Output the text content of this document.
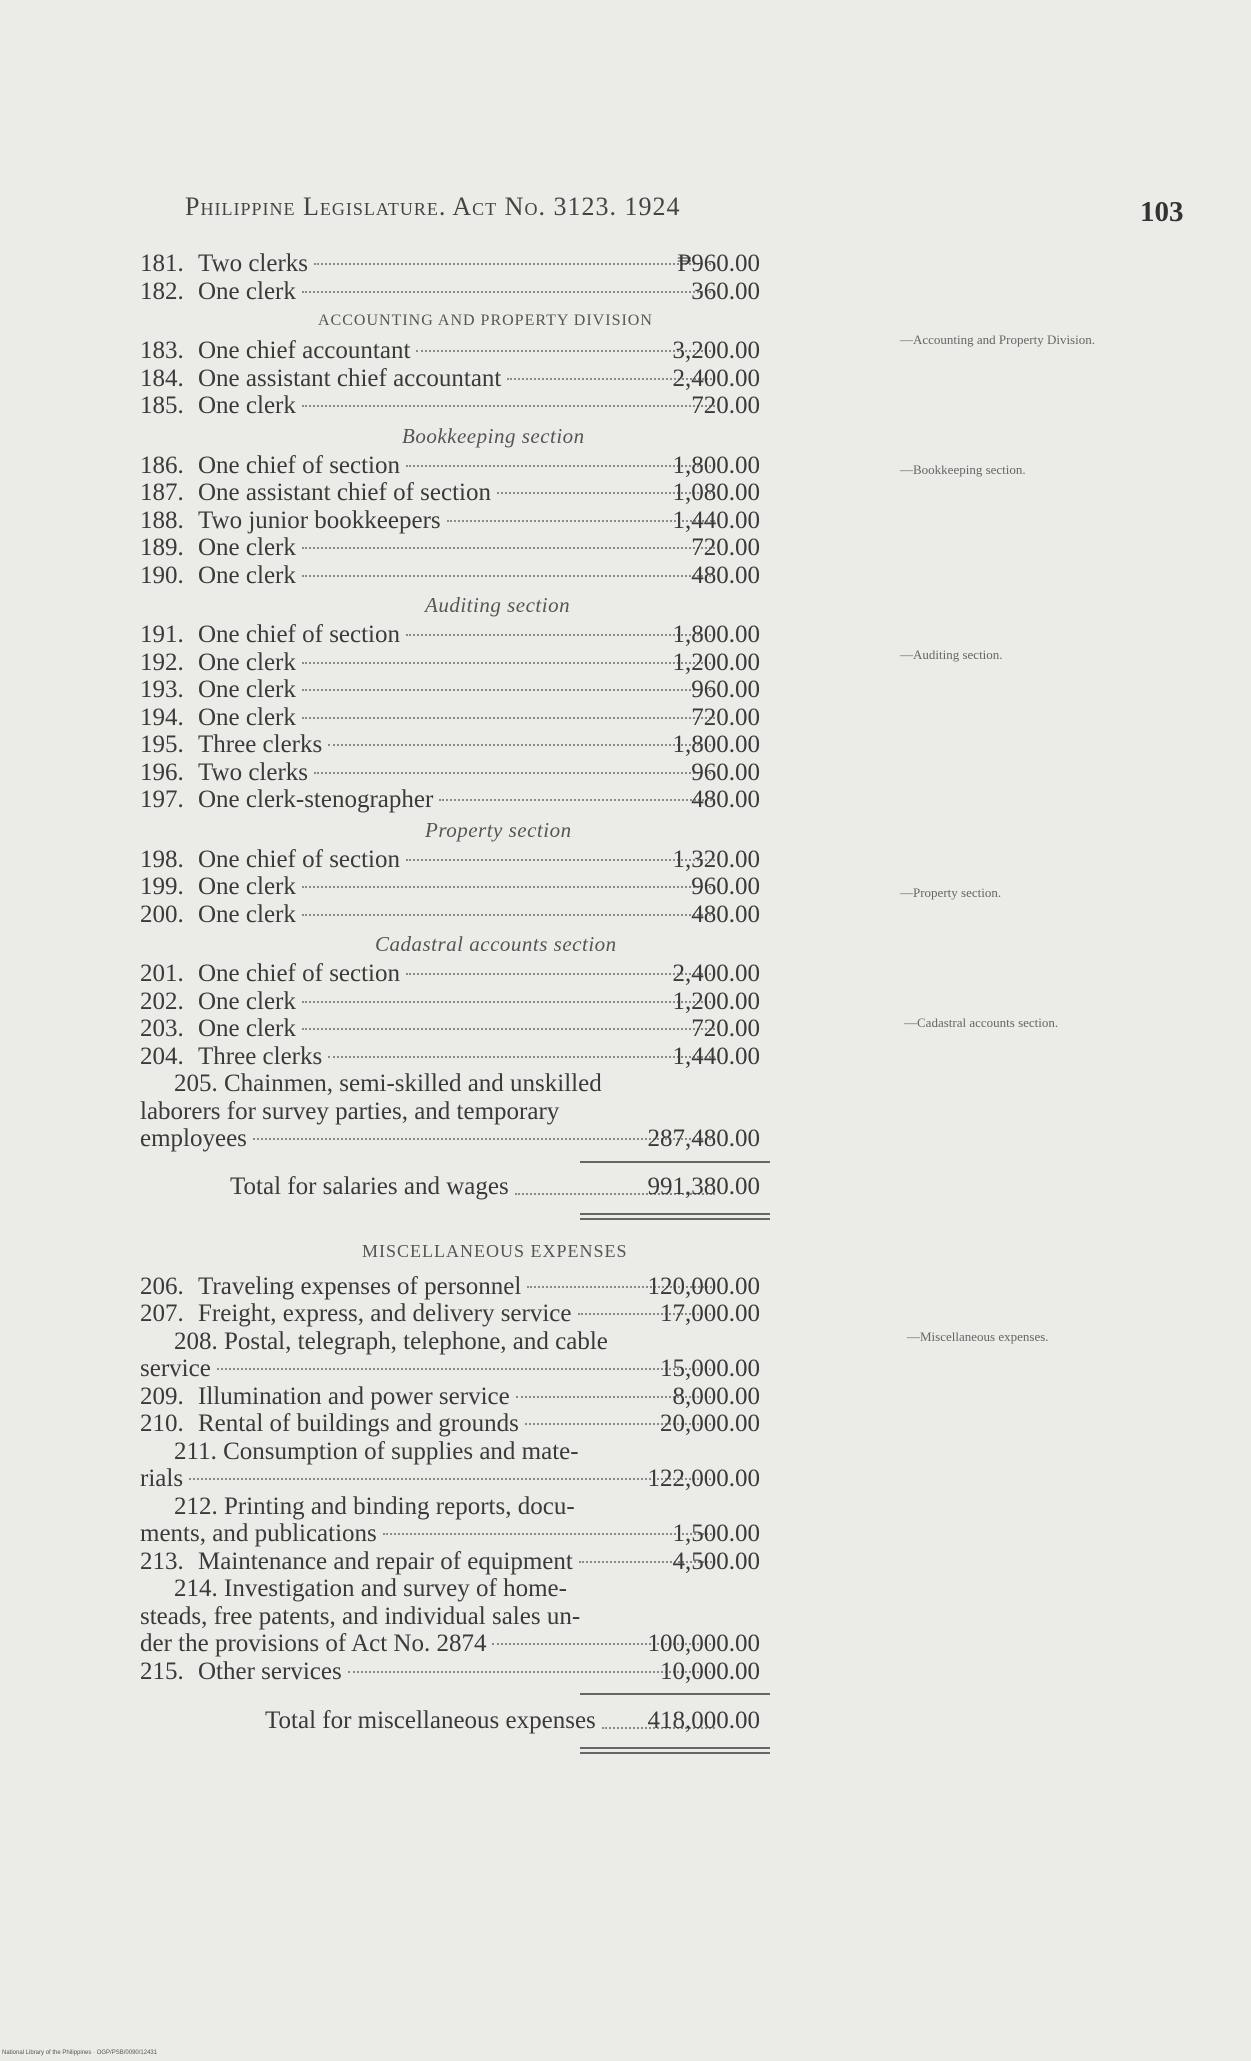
Philippine Legislature. Act No. 3123. 1924	103
181. Two clerks	₱960.00
182. One clerk	360.00
ACCOUNTING AND PROPERTY DIVISION
183. One chief accountant	3,200.00
184. One assistant chief accountant	2,400.00
185. One clerk	720.00
Bookkeeping section
186. One chief of section	1,800.00
187. One assistant chief of section	1,080.00
188. Two junior bookkeepers	1,440.00
189. One clerk	720.00
190. One clerk	480.00
Auditing section
191. One chief of section	1,800.00
192. One clerk	1,200.00
193. One clerk	960.00
194. One clerk	720.00
195. Three clerks	1,800.00
196. Two clerks	960.00
197. One clerk-stenographer	480.00
Property section
198. One chief of section	1,320.00
199. One clerk	960.00
200. One clerk	480.00
Cadastral accounts section
201. One chief of section	2,400.00
202. One clerk	1,200.00
203. One clerk	720.00
204. Three clerks	1,440.00
205. Chainmen, semi-skilled and unskilled
laborers for survey parties, and temporary
employees	287,480.00
Total for salaries and wages	991,380.00
MISCELLANEOUS EXPENSES
206. Traveling expenses of personnel	120,000.00
207. Freight, express, and delivery service	17,000.00
208. Postal, telegraph, telephone, and cable
service	15,000.00
209. Illumination and power service	8,000.00
210. Rental of buildings and grounds	20,000.00
211. Consumption of supplies and mate-
rials	122,000.00
212. Printing and binding reports, docu-
ments, and publications	1,500.00
213. Maintenance and repair of equipment	4,500.00
214. Investigation and survey of home-
steads, free patents, and individual sales un-
der the provisions of Act No. 2874	100,000.00
215. Other services	10,000.00
Total for miscellaneous expenses 418,000.00
—Accounting and Property Division.
—Bookkeeping section.
—Auditing section.
—Property section.
—Cadastral accounts section.
—Miscellaneous expenses.
National Library of the Philippines · OGP/PSB/0090/12431
